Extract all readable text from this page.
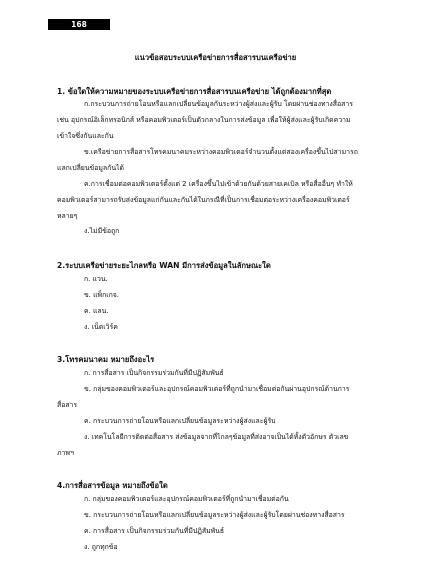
168
แนวข้อสอบระบบเครือข่ายการสื่อสารบนเครือข่าย
1. ข้อใดให้ความหมายของระบบเครือข่ายการสื่อสารบนเครือข่าย ได้ถูกต้องมากที่สุด
ก.กระบวนการถ่ายโอนหรือแลกเปลี่ยนข้อมูลกันระหว่างผู้ส่งและผู้รับ โดยผ่านช่องทางสื่อสาร
เช่น อุปกรณ์อิเล็กทรอนิกส์ หรือคอมพิวเตอร์เป็นตัวกลางในการส่งข้อมูล เพื่อให้ผู้ส่งและผู้รับเกิดความ
เข้าใจซึ่งกันและกัน
ข.เครือข่ายการสื่อสารโทรคมนาคมระหว่างคอมพิวเตอร์จำนวนตั้งแต่สองเครื่องขึ้นไปสามารถ
แลกเปลี่ยนข้อมูลกันได้
ค.การเชื่อมต่อคอมพิวเตอร์ตั้งแต่ 2 เครื่องขึ้นไปเข้าด้วยกันด้วยสายเคเบิล หรือสื่ออื่นๆ ทำให้
คอมพิวเตอร์สามารถรับส่งข้อมูลแก่กันและกันได้ในกรณีที่เป็นการเชื่อมต่อระหว่างเครื่องคอมพิวเตอร์
หลายๆ
ง.ไม่มีข้อถูก
2.ระบบเครือข่ายระยะไกลหรือ WAN มีการส่งข้อมูลในลักษณะใด
ก. แวน.
ข. แพ็กเกจ.
ค. แลน.
ง. เน็ตเวิร์ค
3.โทรคมนาคม หมายถึงอะไร
ก. การสื่อสาร เป็นกิจกรรมร่วมกันที่มีปฏิสัมพันธ์
ข. กลุ่มของคอมพิวเตอร์และอุปกรณ์คอมพิวเตอร์ที่ถูกนำมาเชื่อมต่อกันผ่านอุปกรณ์ด้านการ
สื่อสาร
ค. กระบวนการถ่ายโอนหรือแลกเปลี่ยนข้อมูลระหว่างผู้ส่งและผู้รับ
ง. เทคโนโลยีการติดต่อสื่อสาร ส่งข้อมูลจากที่ไกลๆข้อมูลที่ส่งอาจเป็นได้ทั้งตัวอักษร ตัวเลข
ภาพฯ
4.การสื่อสารข้อมูล หมายถึงข้อใด
ก. กลุ่มของคอมพิวเตอร์และอุปกรณ์คอมพิวเตอร์ที่ถูกนำมาเชื่อมต่อกัน
ข. กระบวนการถ่ายโอนหรือแลกเปลี่ยนข้อมูลระหว่างผู้ส่งและผู้รับโดยผ่านช่องทางสื่อสาร
ค. การสื่อสาร เป็นกิจกรรมร่วมกันที่มีปฏิสัมพันธ์
ง. ถูกทุกข้อ
